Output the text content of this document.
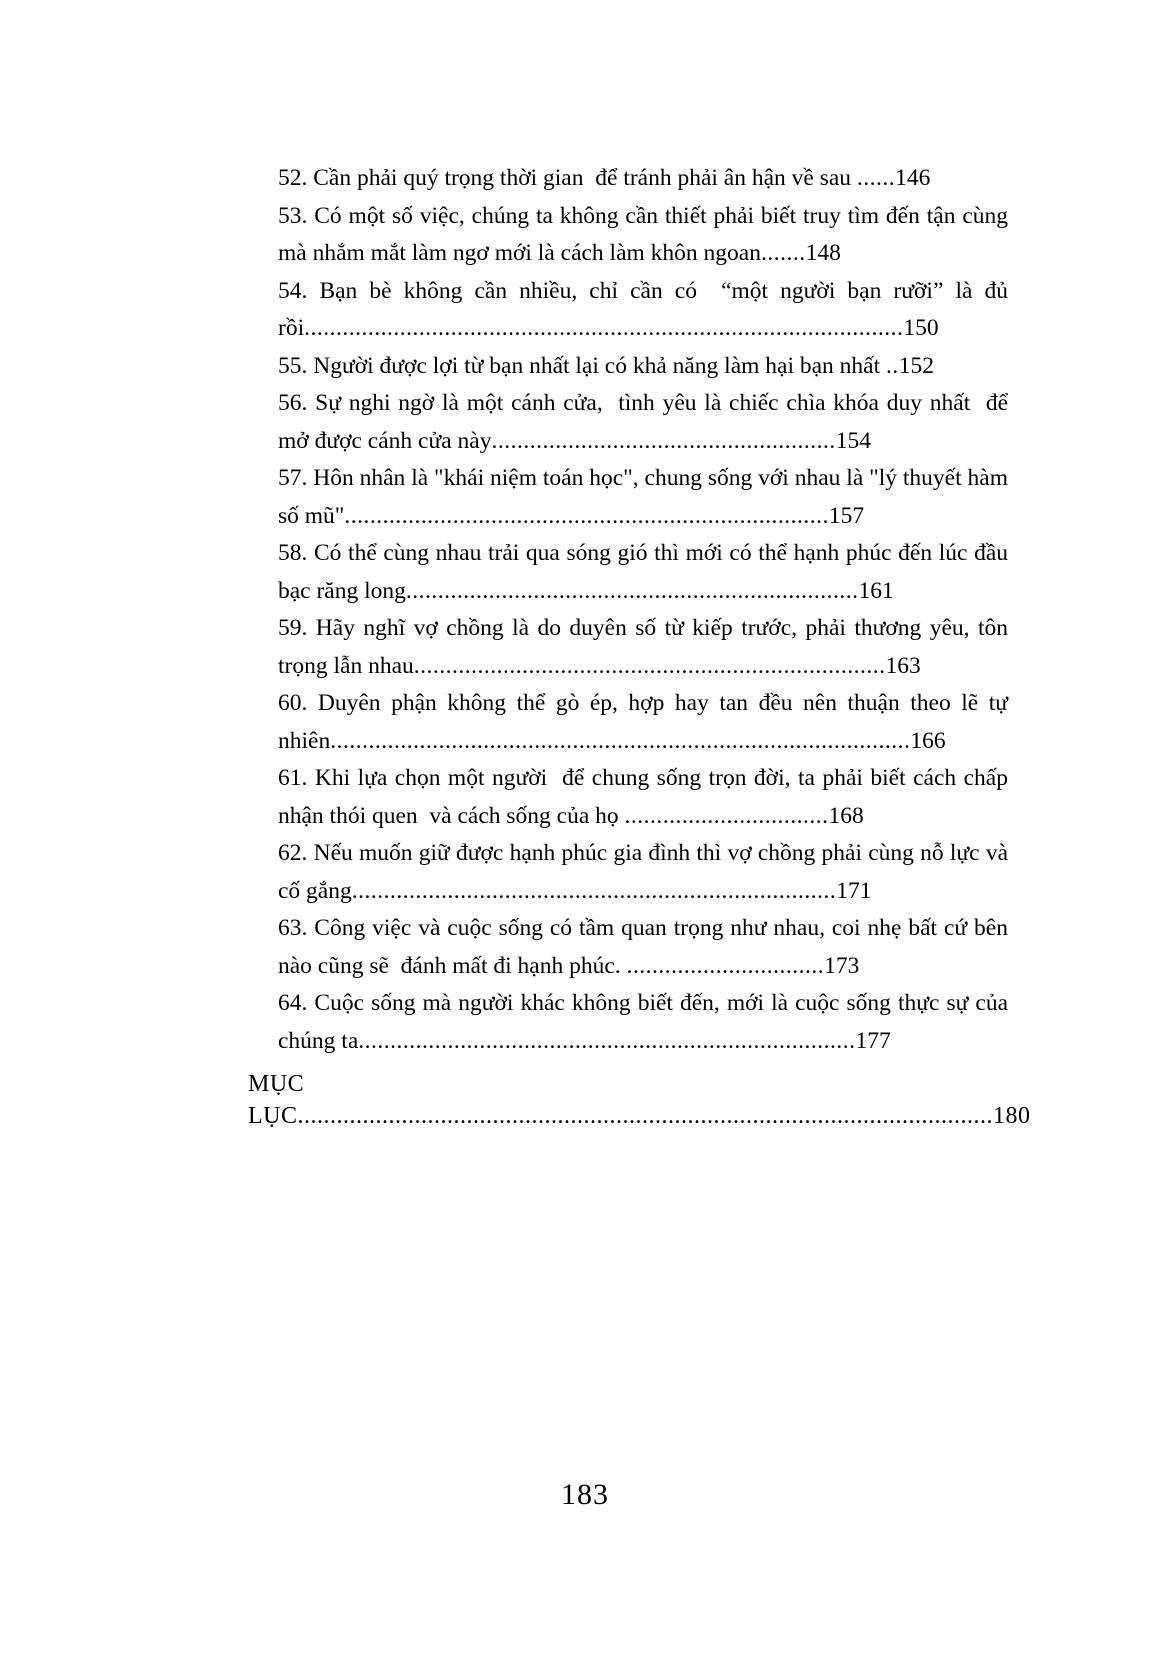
52. Cần phải quý trọng thời gian  để tránh phải ân hận về sau ......146

53. Có một số việc, chúng ta không cần thiết phải biết truy tìm đến tận cùng mà nhắm mắt làm ngơ mới là cách làm khôn ngoan.......148

54. Bạn bè không cần nhiều, chỉ cần có  “một người bạn rưỡi” là đủ rồi..............................................................................................150

55. Người được lợi từ bạn nhất lại có khả năng làm hại bạn nhất ..152

56. Sự nghi ngờ là một cánh cửa,  tình yêu là chiếc chìa khóa duy nhất  để mở được cánh cửa này......................................................154

57. Hôn nhân là "khái niệm toán học", chung sống với nhau là "lý thuyết hàm số mũ"............................................................................157

58. Có thể cùng nhau trải qua sóng gió thì mới có thể hạnh phúc đến lúc đầu bạc răng long.......................................................................161

59. Hãy nghĩ vợ chồng là do duyên số từ kiếp trước, phải thương yêu, tôn trọng lẫn nhau..........................................................................163

60. Duyên phận không thể gò ép, hợp hay tan đều nên thuận theo lẽ tự nhiên...........................................................................................166

61. Khi lựa chọn một người  để chung sống trọn đời, ta phải biết cách chấp nhận thói quen  và cách sống của họ ................................168

62. Nếu muốn giữ được hạnh phúc gia đình thì vợ chồng phải cùng nỗ lực và cố gắng............................................................................171

63. Công việc và cuộc sống có tầm quan trọng như nhau, coi nhẹ bất cứ bên nào cũng sẽ  đánh mất đi hạnh phúc. ...............................173

64. Cuộc sống mà người khác không biết đến, mới là cuộc sống thực sự của chúng ta..............................................................................177

MỤC LỤC...........................................................................................................180
183
